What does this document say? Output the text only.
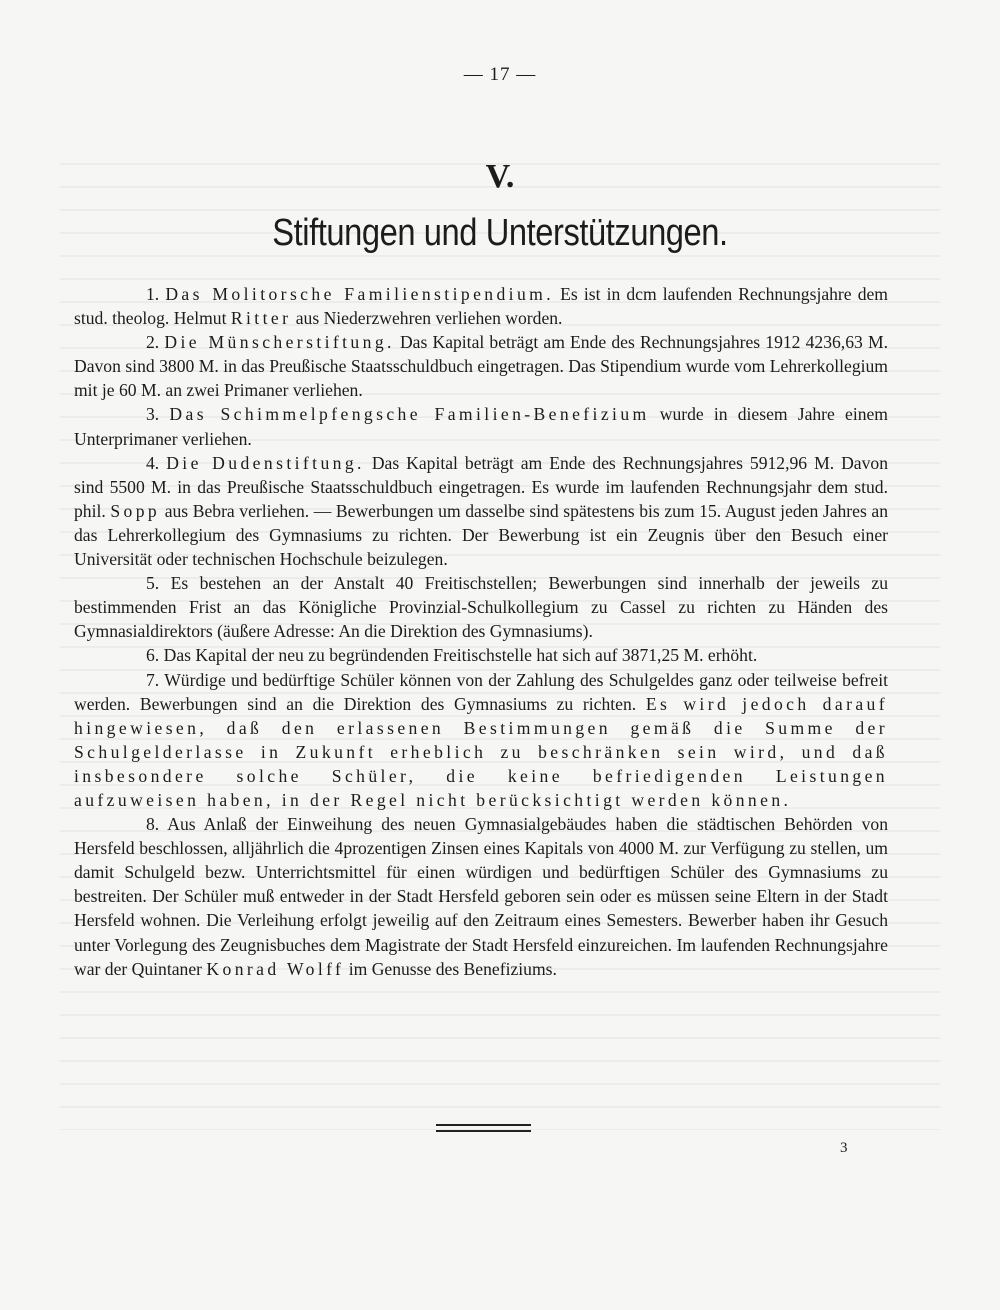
— 17 —
V.
Stiftungen und Unterstützungen.

1. Das Molitorsche Familienstipendium. Es ist in dcm laufenden Rechnungsjahre dem stud. theolog. Helmut Ritter aus Niederzwehren verliehen worden.

2. Die Münscherstiftung. Das Kapital beträgt am Ende des Rechnungsjahres 1912 4236,63 M. Davon sind 3800 M. in das Preußische Staatsschuldbuch eingetragen. Das Stipendium wurde vom Lehrerkollegium mit je 60 M. an zwei Primaner verliehen.

3. Das Schimmelpfengsche Familien-Benefizium wurde in diesem Jahre einem Unterprimaner verliehen.

4. Die Dudenstiftung. Das Kapital beträgt am Ende des Rechnungsjahres 5912,96 M. Davon sind 5500 M. in das Preußische Staatsschuldbuch eingetragen. Es wurde im laufenden Rechnungsjahr dem stud. phil. Sopp aus Bebra verliehen. — Bewerbungen um dasselbe sind spätestens bis zum 15. August jeden Jahres an das Lehrerkollegium des Gymnasiums zu richten. Der Bewerbung ist ein Zeugnis über den Besuch einer Universität oder technischen Hochschule beizulegen.

5. Es bestehen an der Anstalt 40 Freitischstellen; Bewerbungen sind innerhalb der jeweils zu bestimmenden Frist an das Königliche Provinzial-Schulkollegium zu Cassel zu richten zu Händen des Gymnasialdirektors (äußere Adresse: An die Direktion des Gymnasiums).

6. Das Kapital der neu zu begründenden Freitischstelle hat sich auf 3871,25 M. erhöht.

7. Würdige und bedürftige Schüler können von der Zahlung des Schulgeldes ganz oder teilweise befreit werden. Bewerbungen sind an die Direktion des Gymnasiums zu richten. Es wird jedoch darauf hingewiesen, daß den erlassenen Bestimmungen gemäß die Summe der Schulgelderlasse in Zukunft erheblich zu beschränken sein wird, und daß insbesondere solche Schüler, die keine befriedigenden Leistungen aufzuweisen haben, in der Regel nicht berücksichtigt werden können.

8. Aus Anlaß der Einweihung des neuen Gymnasialgebäudes haben die städtischen Behörden von Hersfeld beschlossen, alljährlich die 4prozentigen Zinsen eines Kapitals von 4000 M. zur Verfügung zu stellen, um damit Schulgeld bezw. Unterrichtsmittel für einen würdigen und bedürftigen Schüler des Gymnasiums zu bestreiten. Der Schüler muß entweder in der Stadt Hersfeld geboren sein oder es müssen seine Eltern in der Stadt Hersfeld wohnen. Die Verleihung erfolgt jeweilig auf den Zeitraum eines Semesters. Bewerber haben ihr Gesuch unter Vorlegung des Zeugnisbuches dem Magistrate der Stadt Hersfeld einzureichen. Im laufenden Rechnungsjahre war der Quintaner Konrad Wolff im Genusse des Benefiziums.

3
